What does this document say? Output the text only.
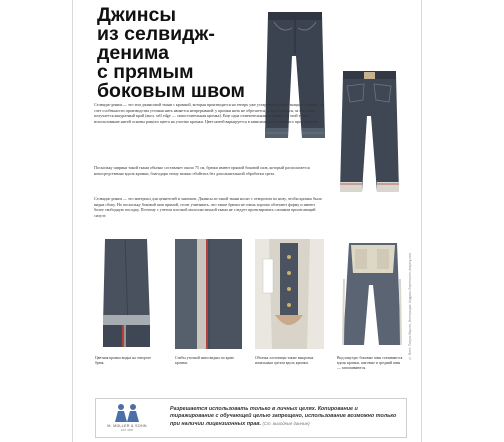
Джинсы
из селвидж-
денима
с прямым
боковым швом

Селвидж-деним — это тип джинсовой ткани с кромкой, которая производится на теперь уже устаревших узких ткацких станках. За счет особенности производства уточная нить является непрерывной: у кромки нить не обрезается, а перегибается, за счет чего получается аккуратный край (англ. self edge — самостоятельная кромка). Еще одна отличительная особенность этой ткани — использование нитей основы разного цвета на участке кромки. Цвет нитей варьируется в зависимости от ткацкого производства.

Поскольку ширина такой ткани обычно составляет около 75 см, брюки имеют прямой боковой шов, который располагается непосредственно вдоль кромки, благодаря этому можно обойтись без дополнительной обработки среза.

Селвидж-деним — это материал для ценителей и знатоков. Джинсы из такой ткани носят с отворотом по низу, чтобы кромка была видна сбоку. Но поскольку боковой шов прямой, стоит учитывать, что такие брюки не очень хорошо облегают форму и имеют более свободную посадку. Поэтому с учетом плотной малоэластичной ткани не следует проектировать слишком прилегающий силуэт.

Цветная кромка видна на отвороте брюк.

Стибы уточной нити видны по краю кромки.

Обтачка ластовицы также выкроена начальным срезом вдоль кромки.

Вид изнутри: боковые швы стачиваются вдоль кромки, шаговые и средний швы — запошиваются.

© Фото: Патрик Ларсен, Интеграция: Андреас Бертельсен, drapery.com
M. MÜLLER & SOHN
EST. 1890

Разрешается использовать только в личных целях. Копирование и тиражирование с обучающей целью запрещено, использование возможно только при наличии лицензионных прав. (Ст. выходные данные)
